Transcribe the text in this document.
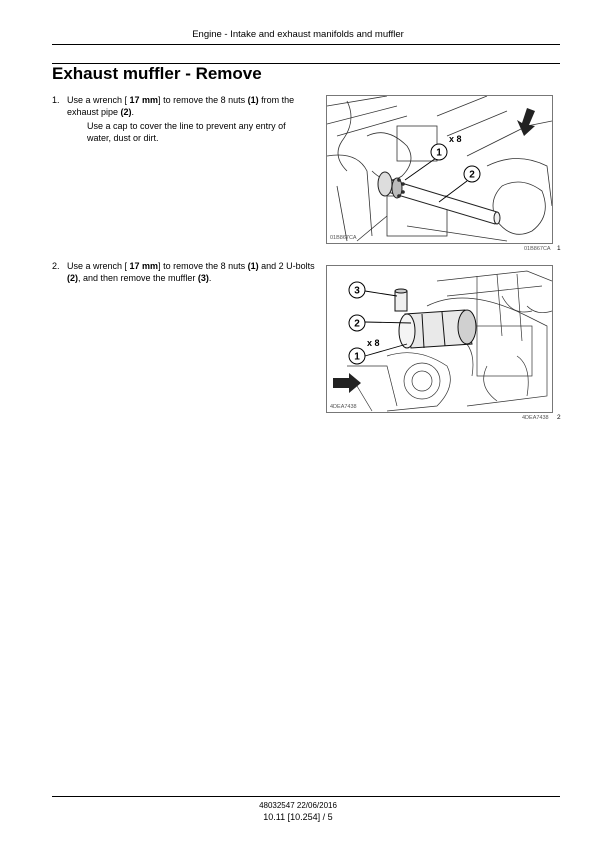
Engine - Intake and exhaust manifolds and muffler
Exhaust muffler - Remove
1. Use a wrench [ 17 mm] to remove the 8 nuts (1) from the exhaust pipe (2).
Use a cap to cover the line to prevent any entry of water, dust or dirt.
1
2
x 8
01B867CA
01B867CA 1
2. Use a wrench [ 17 mm] to remove the 8 nuts (1) and 2 U-bolts (2), and then remove the muffler (3).
3
2
1
x 8
4DEA7438
4DEA7438 2
48032547 22/06/2016
10.11 [10.254] / 5
